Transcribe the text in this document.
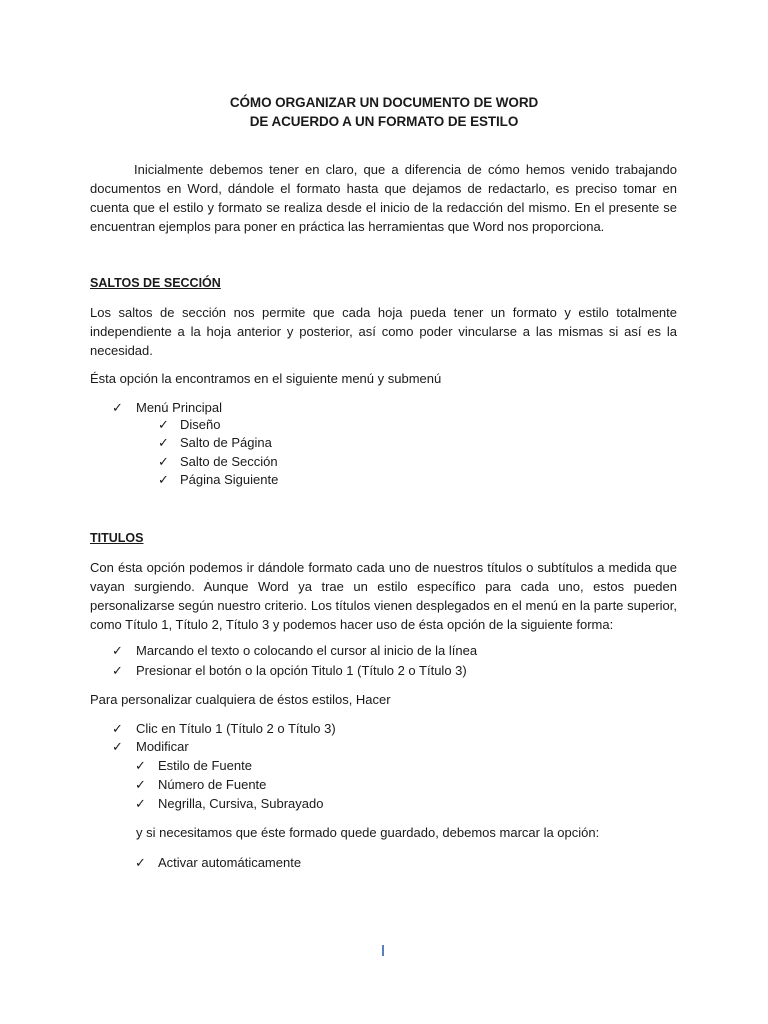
CÓMO ORGANIZAR UN DOCUMENTO DE WORD
DE ACUERDO A UN FORMATO DE ESTILO
Inicialmente debemos tener en claro, que a diferencia de cómo hemos venido trabajando documentos en Word, dándole el formato hasta que dejamos de redactarlo, es preciso tomar en cuenta que el estilo y formato se realiza desde el inicio de la redacción del mismo. En el presente se encuentran ejemplos para poner en práctica las herramientas que Word nos proporciona.
SALTOS DE SECCIÓN
Los saltos de sección nos permite que cada hoja pueda tener un formato y estilo totalmente independiente a la hoja anterior y posterior, así como poder vincularse a las mismas si así es la necesidad.
Ésta opción la encontramos en el siguiente menú y submenú
✓ Menú Principal
✓ Diseño
✓ Salto de Página
✓ Salto de Sección
✓ Página Siguiente
TITULOS
Con ésta opción podemos ir dándole formato cada uno de nuestros títulos o subtítulos a medida que vayan surgiendo. Aunque Word ya trae un estilo específico para cada uno, estos pueden personalizarse según nuestro criterio. Los títulos vienen desplegados en el menú en la parte superior, como Título 1, Título 2, Título 3 y podemos hacer uso de ésta opción de la siguiente forma:
✓ Marcando el texto o colocando el cursor al inicio de la línea
✓ Presionar el botón o la opción Titulo 1 (Título 2 o Título 3)
Para personalizar cualquiera de éstos estilos, Hacer
✓ Clic en Título 1 (Título 2 o Título 3)
✓ Modificar
✓ Estilo de Fuente
✓ Número de Fuente
✓ Negrilla, Cursiva, Subrayado
y si necesitamos que éste formado quede guardado, debemos marcar la opción:
✓ Activar automáticamente
